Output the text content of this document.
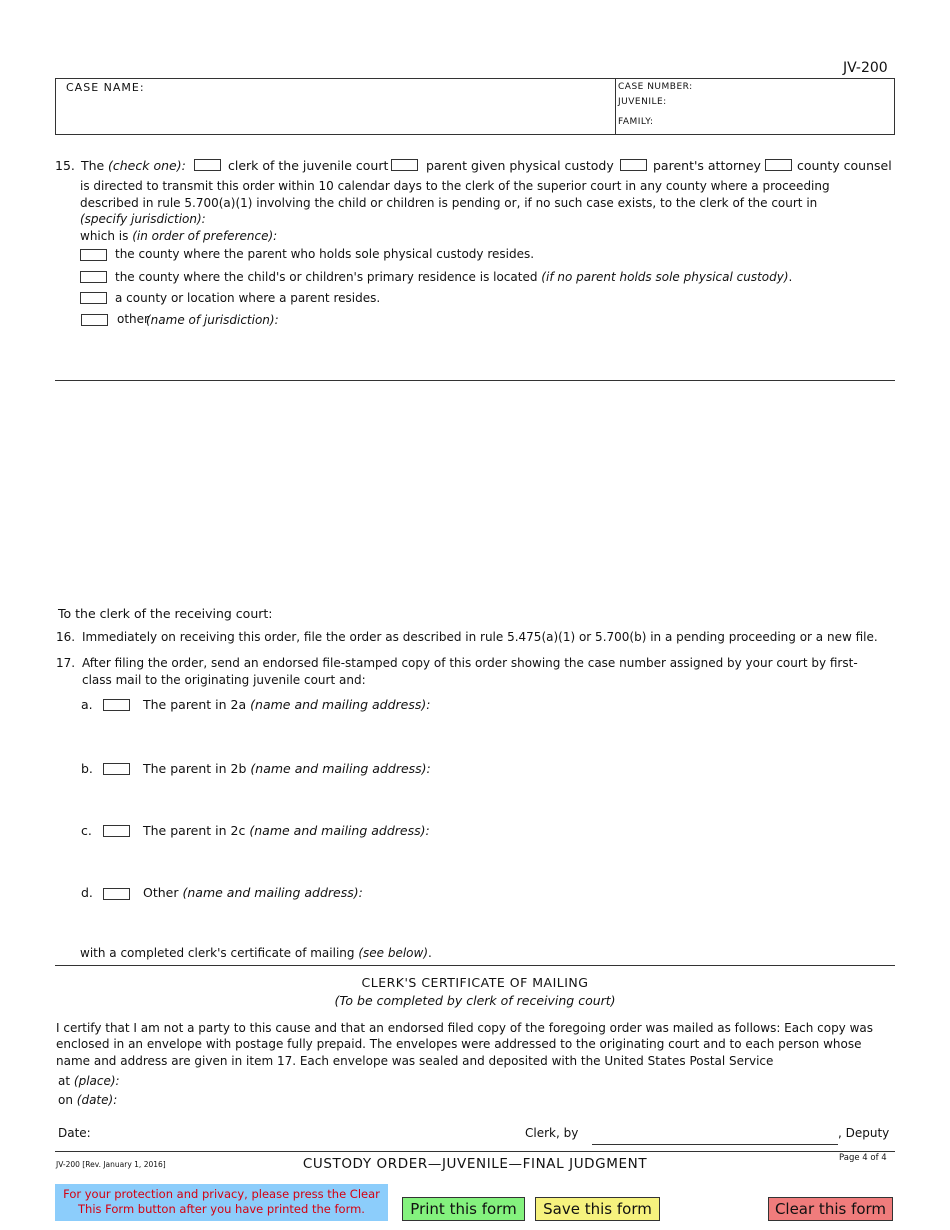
JV-200
CASE NAME:	CASE NUMBER:
JUVENILE:
FAMILY:
15. The (check one):	clerk of the juvenile court	parent given physical custody	parent's attorney	county counsel
is directed to transmit this order within 10 calendar days to the clerk of the superior court in any county where a proceeding
described in rule 5.700(a)(1) involving the child or children is pending or, if no such case exists, to the clerk of the court in
(specify jurisdiction):
which is (in order of preference):
the county where the parent who holds sole physical custody resides.
the county where the child's or children's primary residence is located (if no parent holds sole physical custody).
a county or location where a parent resides.
other
(name of jurisdiction):
To the clerk of the receiving court:
16. Immediately on receiving this order, file the order as described in rule 5.475(a)(1) or 5.700(b) in a pending proceeding or a new file.
17. After filing the order, send an endorsed file-stamped copy of this order showing the case number assigned by your court by first-
class mail to the originating juvenile court and:
a.	The parent in 2a (name and mailing address):
b.	The parent in 2b (name and mailing address):
c.	The parent in 2c (name and mailing address):
d.	Other (name and mailing address):
with a completed clerk's certificate of mailing (see below).
CLERK'S CERTIFICATE OF MAILING
(To be completed by clerk of receiving court)
I certify that I am not a party to this cause and that an endorsed filed copy of the foregoing order was mailed as follows: Each copy was
enclosed in an envelope with postage fully prepaid. The envelopes were addressed to the originating court and to each person whose
name and address are given in item 17. Each envelope was sealed and deposited with the United States Postal Service
at (place):
on (date):
Date:	Clerk, by	, Deputy
JV-200 [Rev. January 1, 2016]	CUSTODY ORDER—JUVENILE—FINAL JUDGMENT	Page 4 of 4
For your protection and privacy, please press the Clear
This Form button after you have printed the form.	Print this form	Save this form	Clear this form
